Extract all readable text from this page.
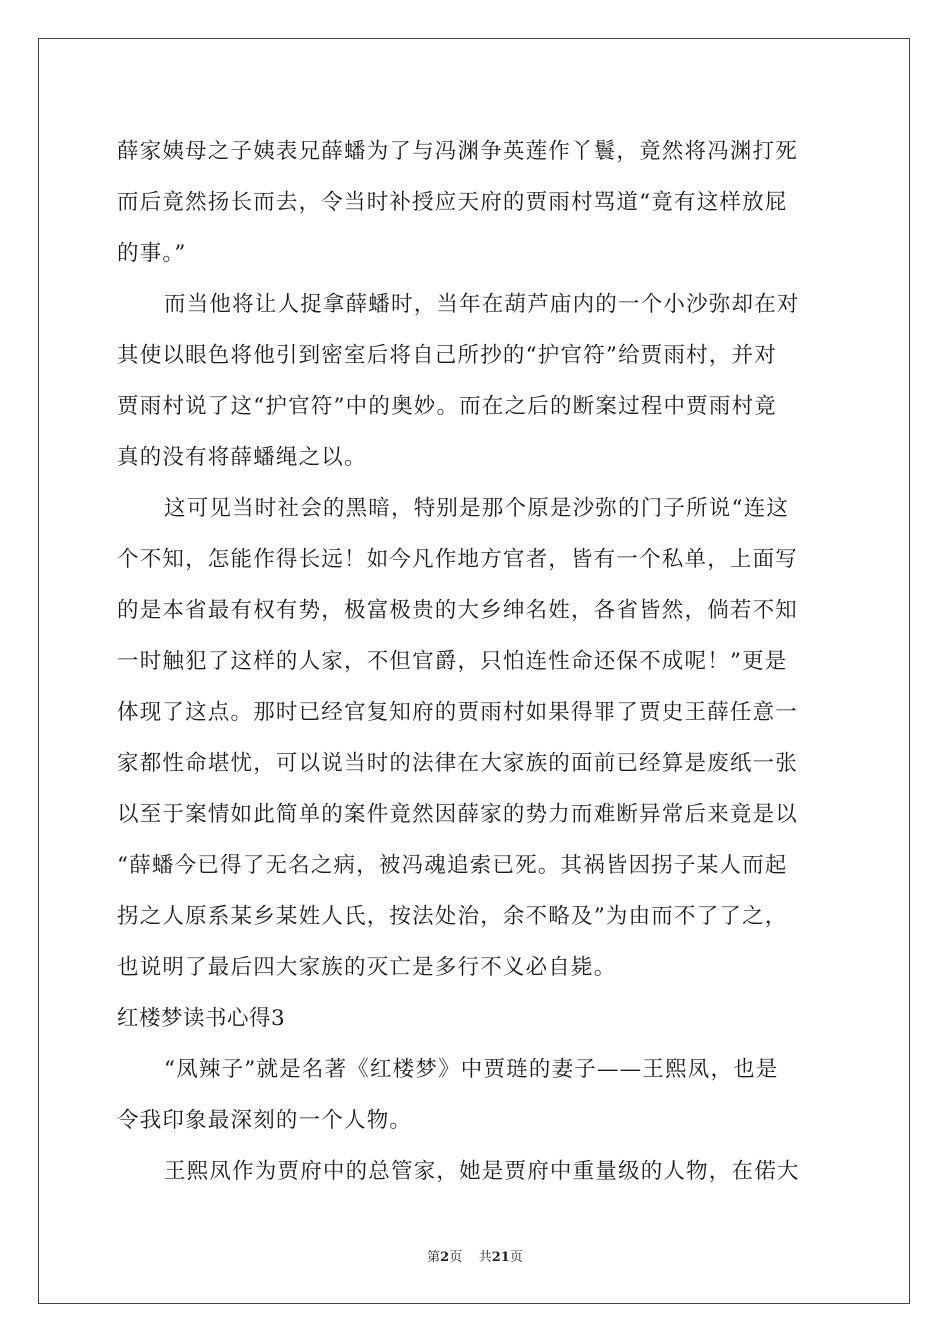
薛家姨母之子姨表兄薛蟠为了与冯渊争英莲作丫鬟，竟然将冯渊打死
而后竟然扬长而去，令当时补授应天府的贾雨村骂道“竟有这样放屁
的事。”
而当他将让人捉拿薛蟠时，当年在葫芦庙内的一个小沙弥却在对
其使以眼色将他引到密室后将自己所抄的“护官符”给贾雨村，并对
贾雨村说了这“护官符”中的奥妙。而在之后的断案过程中贾雨村竟
真的没有将薛蟠绳之以。
这可见当时社会的黑暗，特别是那个原是沙弥的门子所说“连这
个不知，怎能作得长远！如今凡作地方官者，皆有一个私单，上面写
的是本省最有权有势，极富极贵的大乡绅名姓，各省皆然，倘若不知
一时触犯了这样的人家，不但官爵，只怕连性命还保不成呢！”更是
体现了这点。那时已经官复知府的贾雨村如果得罪了贾史王薛任意一
家都性命堪忧，可以说当时的法律在大家族的面前已经算是废纸一张
以至于案情如此简单的案件竟然因薛家的势力而难断异常后来竟是以
“薛蟠今已得了无名之病，被冯魂追索已死。其祸皆因拐子某人而起
拐之人原系某乡某姓人氏，按法处治，余不略及”为由而不了了之，
也说明了最后四大家族的灭亡是多行不义必自毙。
红楼梦读书心得3
“凤辣子”就是名著《红楼梦》中贾琏的妻子——王熙凤，也是
令我印象最深刻的一个人物。
王熙凤作为贾府中的总管家，她是贾府中重量级的人物，在偌大
第2页    共21页
